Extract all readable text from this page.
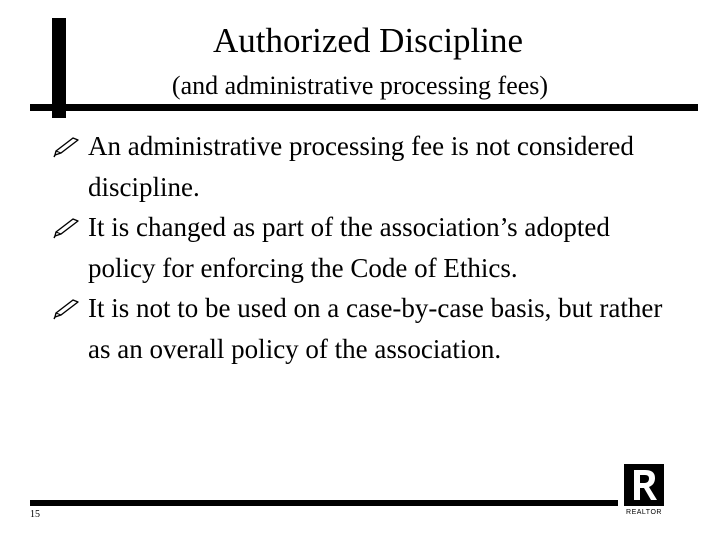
Authorized Discipline
(and administrative processing fees)
An administrative processing fee is not considered discipline.
It is changed as part of the association’s adopted policy for enforcing the Code of Ethics.
It is not to be used on a case-by-case basis, but rather as an overall policy of the association.
15	REALTOR
